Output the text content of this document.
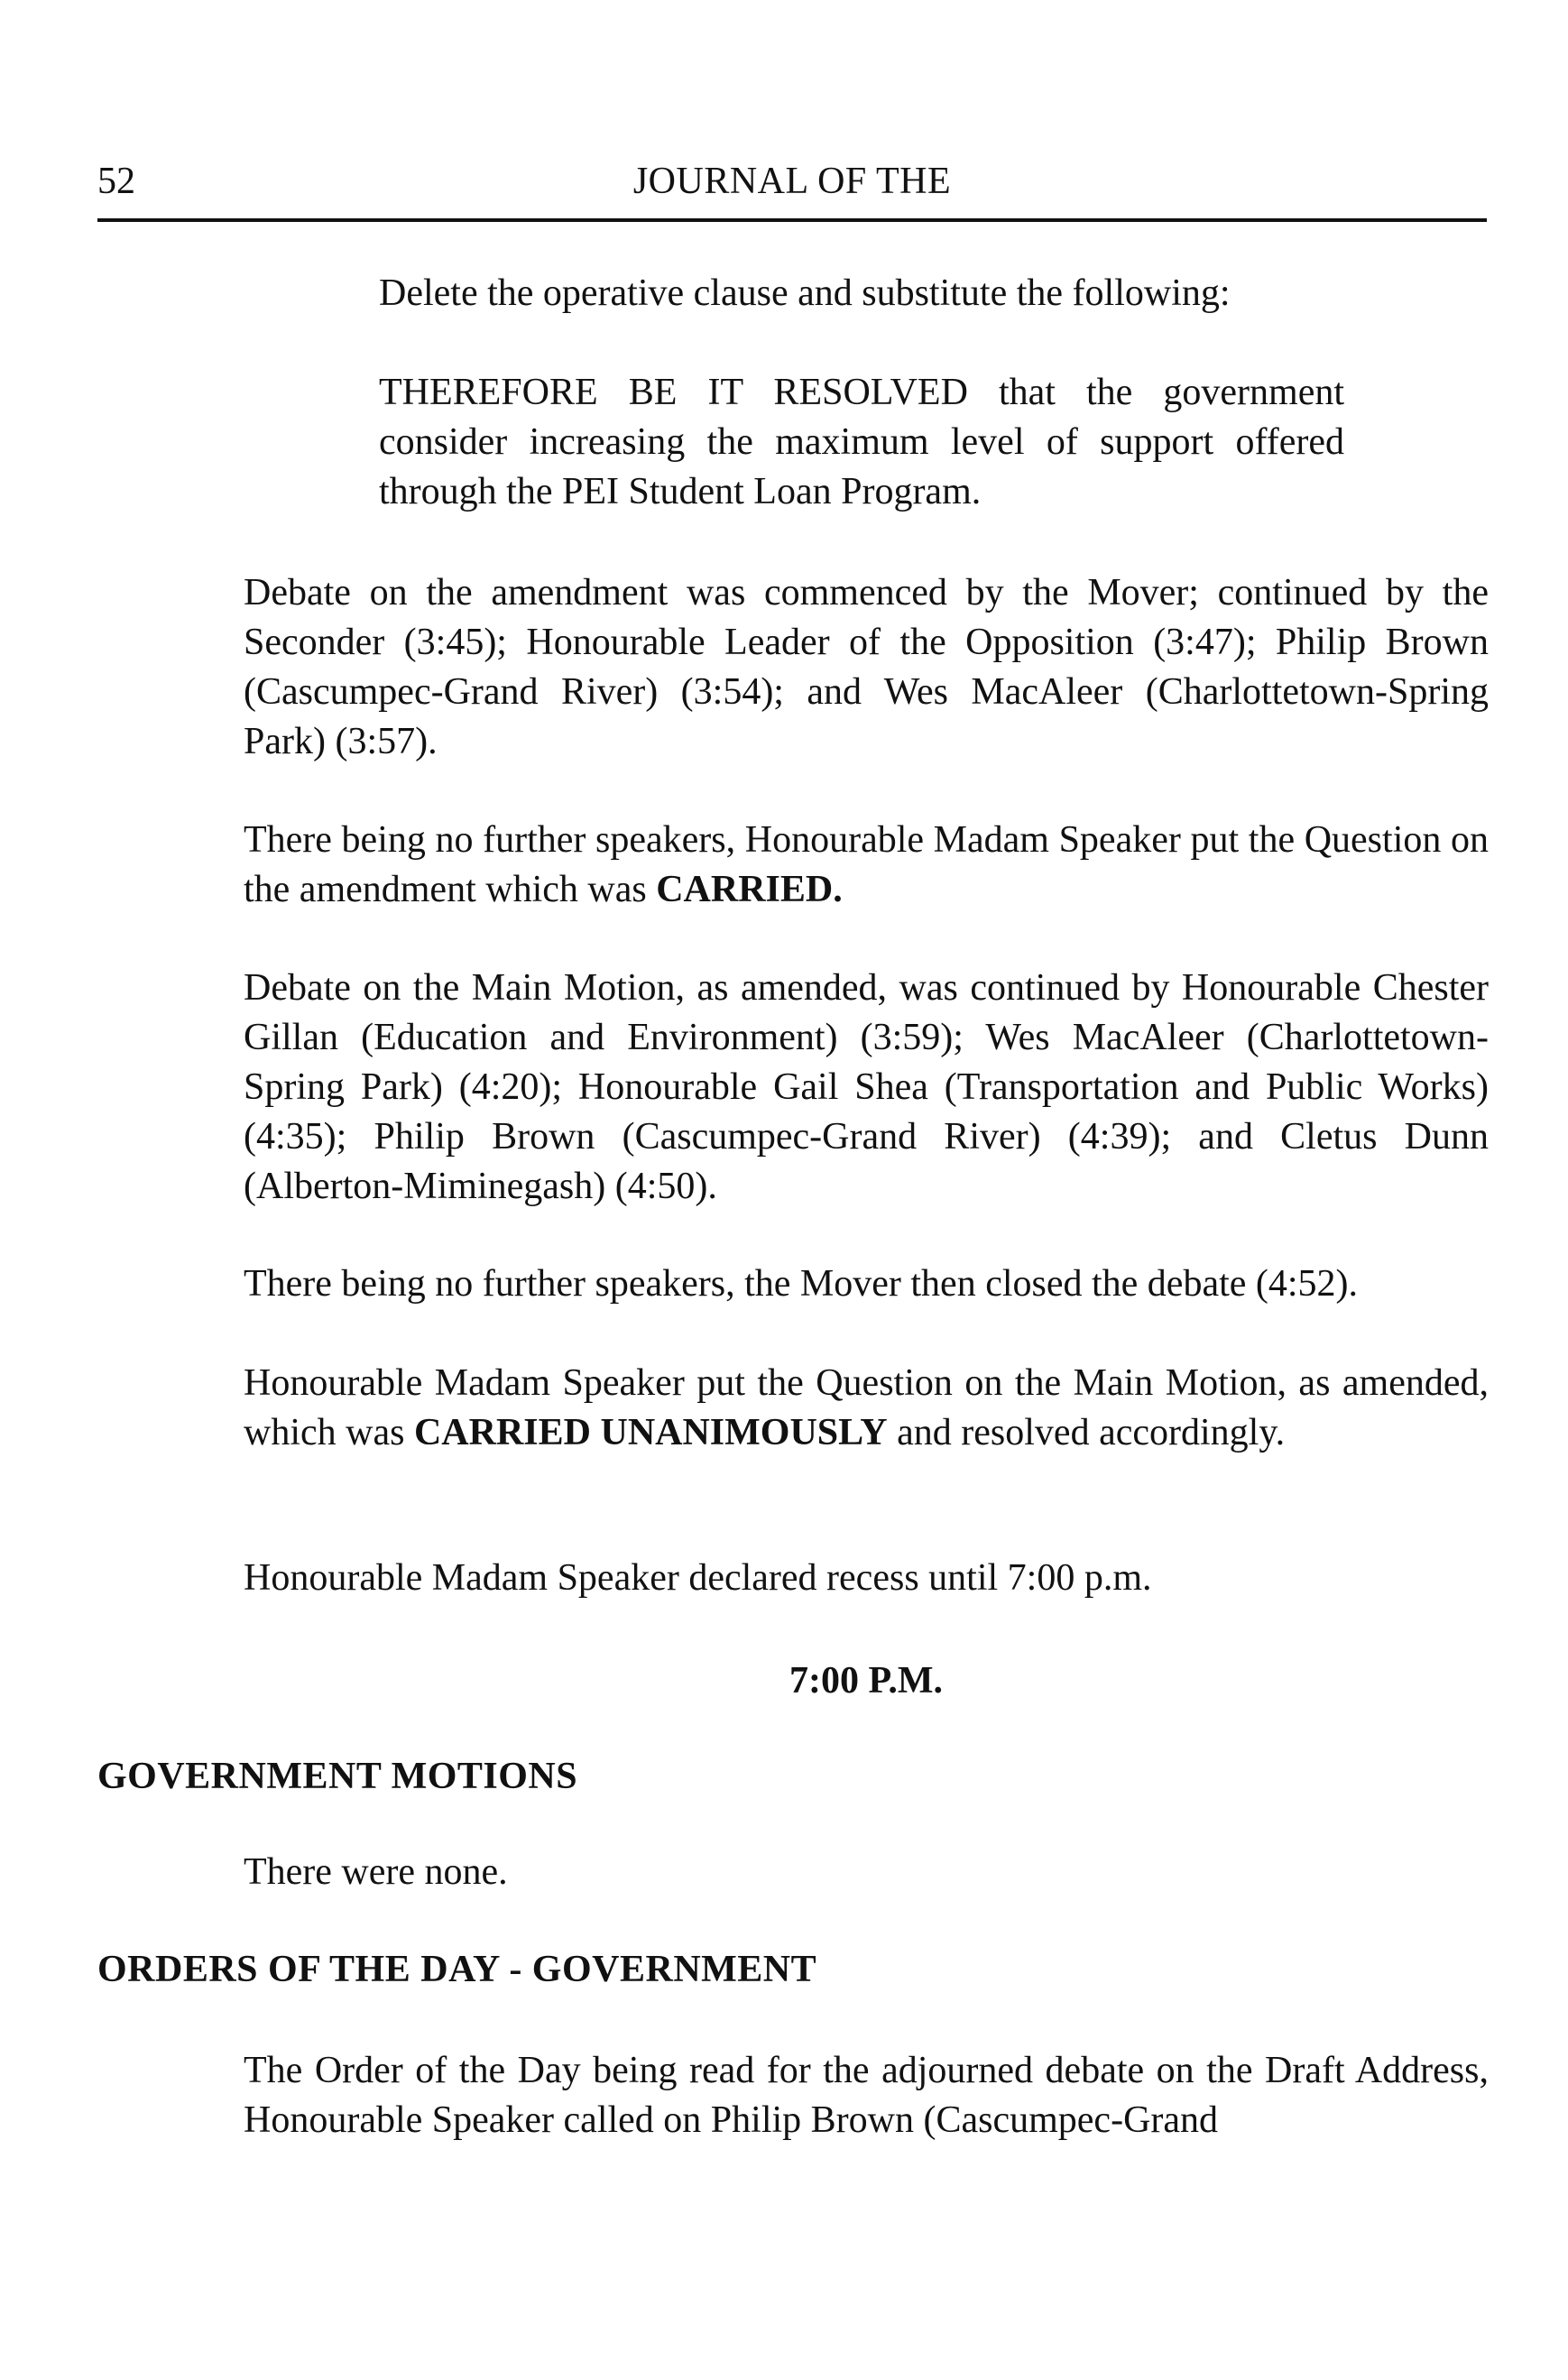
52	JOURNAL OF THE

Delete the operative clause and substitute the following:

THEREFORE BE IT RESOLVED that the government consider increasing the maximum level of support offered through the PEI Student Loan Program.

Debate on the amendment was commenced by the Mover; continued by the Seconder (3:45); Honourable Leader of the Opposition (3:47); Philip Brown (Cascumpec-Grand River) (3:54); and Wes MacAleer (Charlottetown-Spring Park) (3:57).

There being no further speakers, Honourable Madam Speaker put the Question on the amendment which was CARRIED.

Debate on the Main Motion, as amended, was continued by Honourable Chester Gillan (Education and Environment) (3:59); Wes MacAleer (Charlottetown-Spring Park) (4:20); Honourable Gail Shea (Transportation and Public Works) (4:35); Philip Brown (Cascumpec-Grand River) (4:39); and Cletus Dunn (Alberton-Miminegash) (4:50).

There being no further speakers, the Mover then closed the debate (4:52).

Honourable Madam Speaker put the Question on the Main Motion, as amended, which was CARRIED UNANIMOUSLY and resolved accordingly.

Honourable Madam Speaker declared recess until 7:00 p.m.

7:00 P.M.
GOVERNMENT MOTIONS

There were none.

ORDERS OF THE DAY - GOVERNMENT

The Order of the Day being read for the adjourned debate on the Draft Address, Honourable Speaker called on Philip Brown (Cascumpec-Grand
